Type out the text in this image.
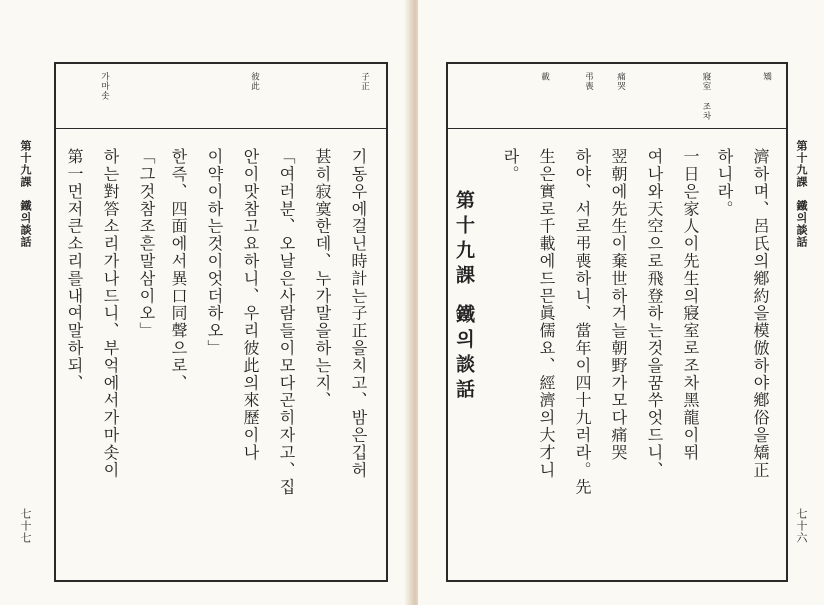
第十九課　鐵의談話
七十七
子正
彼此
가마솟
기동우에걸닌時計는子正을치고、밤은깁허
甚히寂寞한데、누가말을하는지、
「여러분、오날은사람들이모다곤히자고、집
안이맛참고요하니、우리彼此의來歷이나
이약이하는것이엇더하오」
한즉、四面에서異口同聲으로、
「그것참조흔말삼이오」
하는對答소리가나드니、부억에서가마솟이
第一먼저큰소리를내여말하되、
矯
寢室 조차
痛哭
弔喪
載
濟하며、呂氏의鄕約을模倣하야鄕俗을矯正
하니라。
一日은家人이先生의寢室로조차黑龍이뛰
여나와天空으로飛登하는것을꿈쑤엇드니、
翌朝에先生이棄世하거늘朝野가모다痛哭
하야、서로弔喪하니、當年이四十九러라。先
生은實로千載에드믄眞儒요、經濟의大才니
라。
第十九課鐵의談話
第十九課　鐵의談話
七十六
